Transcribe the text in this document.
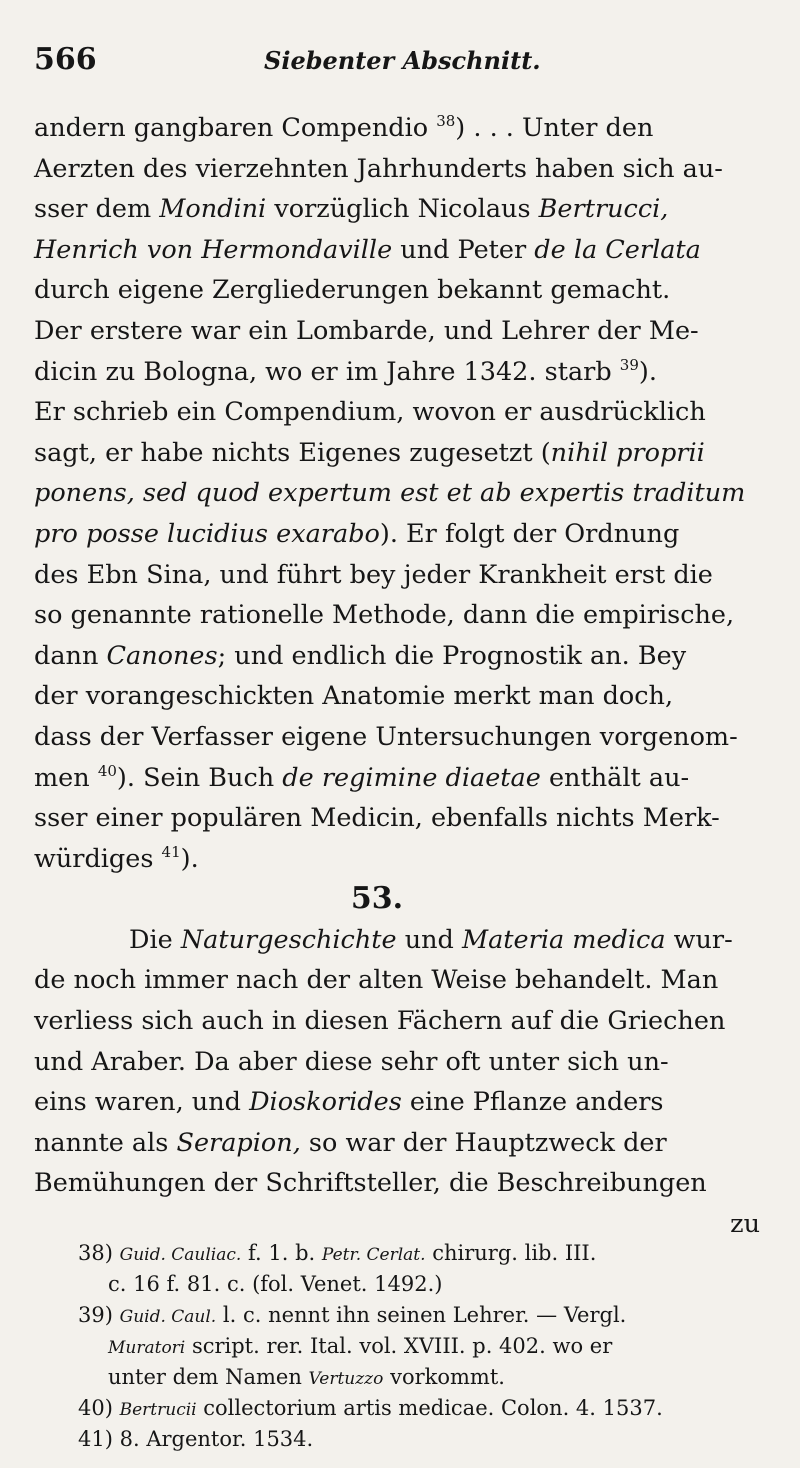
566	Siebenter Abschnitt.
andern gangbaren Compendio $^{38}$) . . . Unter den
Aerzten des vierzehnten Jahrhunderts haben sich au-
sser dem Mondini vorzüglich Nicolaus Bertrucci,
Henrich von Hermondaville und Peter de la Cerlata
durch eigene Zergliederungen bekannt gemacht.
Der erstere war ein Lombarde, und Lehrer der Me-
dicin zu Bologna, wo er im Jahre 1342. starb $^{39}$).
Er schrieb ein Compendium, wovon er ausdrücklich
sagt, er habe nichts Eigenes zugesetzt (nihil proprii
ponens, sed quod expertum est et ab expertis traditum
pro posse lucidius exarabo). Er folgt der Ordnung
des Ebn Sina, und führt bey jeder Krankheit erst die
so genannte rationelle Methode, dann die empirische,
dann Canones; und endlich die Prognostik an. Bey
der vorangeschickten Anatomie merkt man doch,
dass der Verfasser eigene Untersuchungen vorgenom-
men $^{40}$). Sein Buch de regimine diaetae enthält au-
sser einer populären Medicin, ebenfalls nichts Merk-
würdiges $^{41}$).
53.
Die Naturgeschichte und Materia medica wur-
de noch immer nach der alten Weise behandelt. Man
verliess sich auch in diesen Fächern auf die Griechen
und Araber. Da aber diese sehr oft unter sich un-
eins waren, und Dioskorides eine Pflanze anders
nannte als Serapion, so war der Hauptzweck der
Bemühungen der Schriftsteller, die Beschreibungen
zu
38) Guid. Cauliac. f. 1. b. Petr. Cerlat. chirurg. lib. III.
c. 16 f. 81. c. (fol. Venet. 1492.)
39) Guid. Caul. l. c. nennt ihn seinen Lehrer. — Vergl.
Muratori script. rer. Ital. vol. XVIII. p. 402. wo er
unter dem Namen Vertuzzo vorkommt.
40) Bertrucii collectorium artis medicae. Colon. 4. 1537.
41) 8. Argentor. 1534.
